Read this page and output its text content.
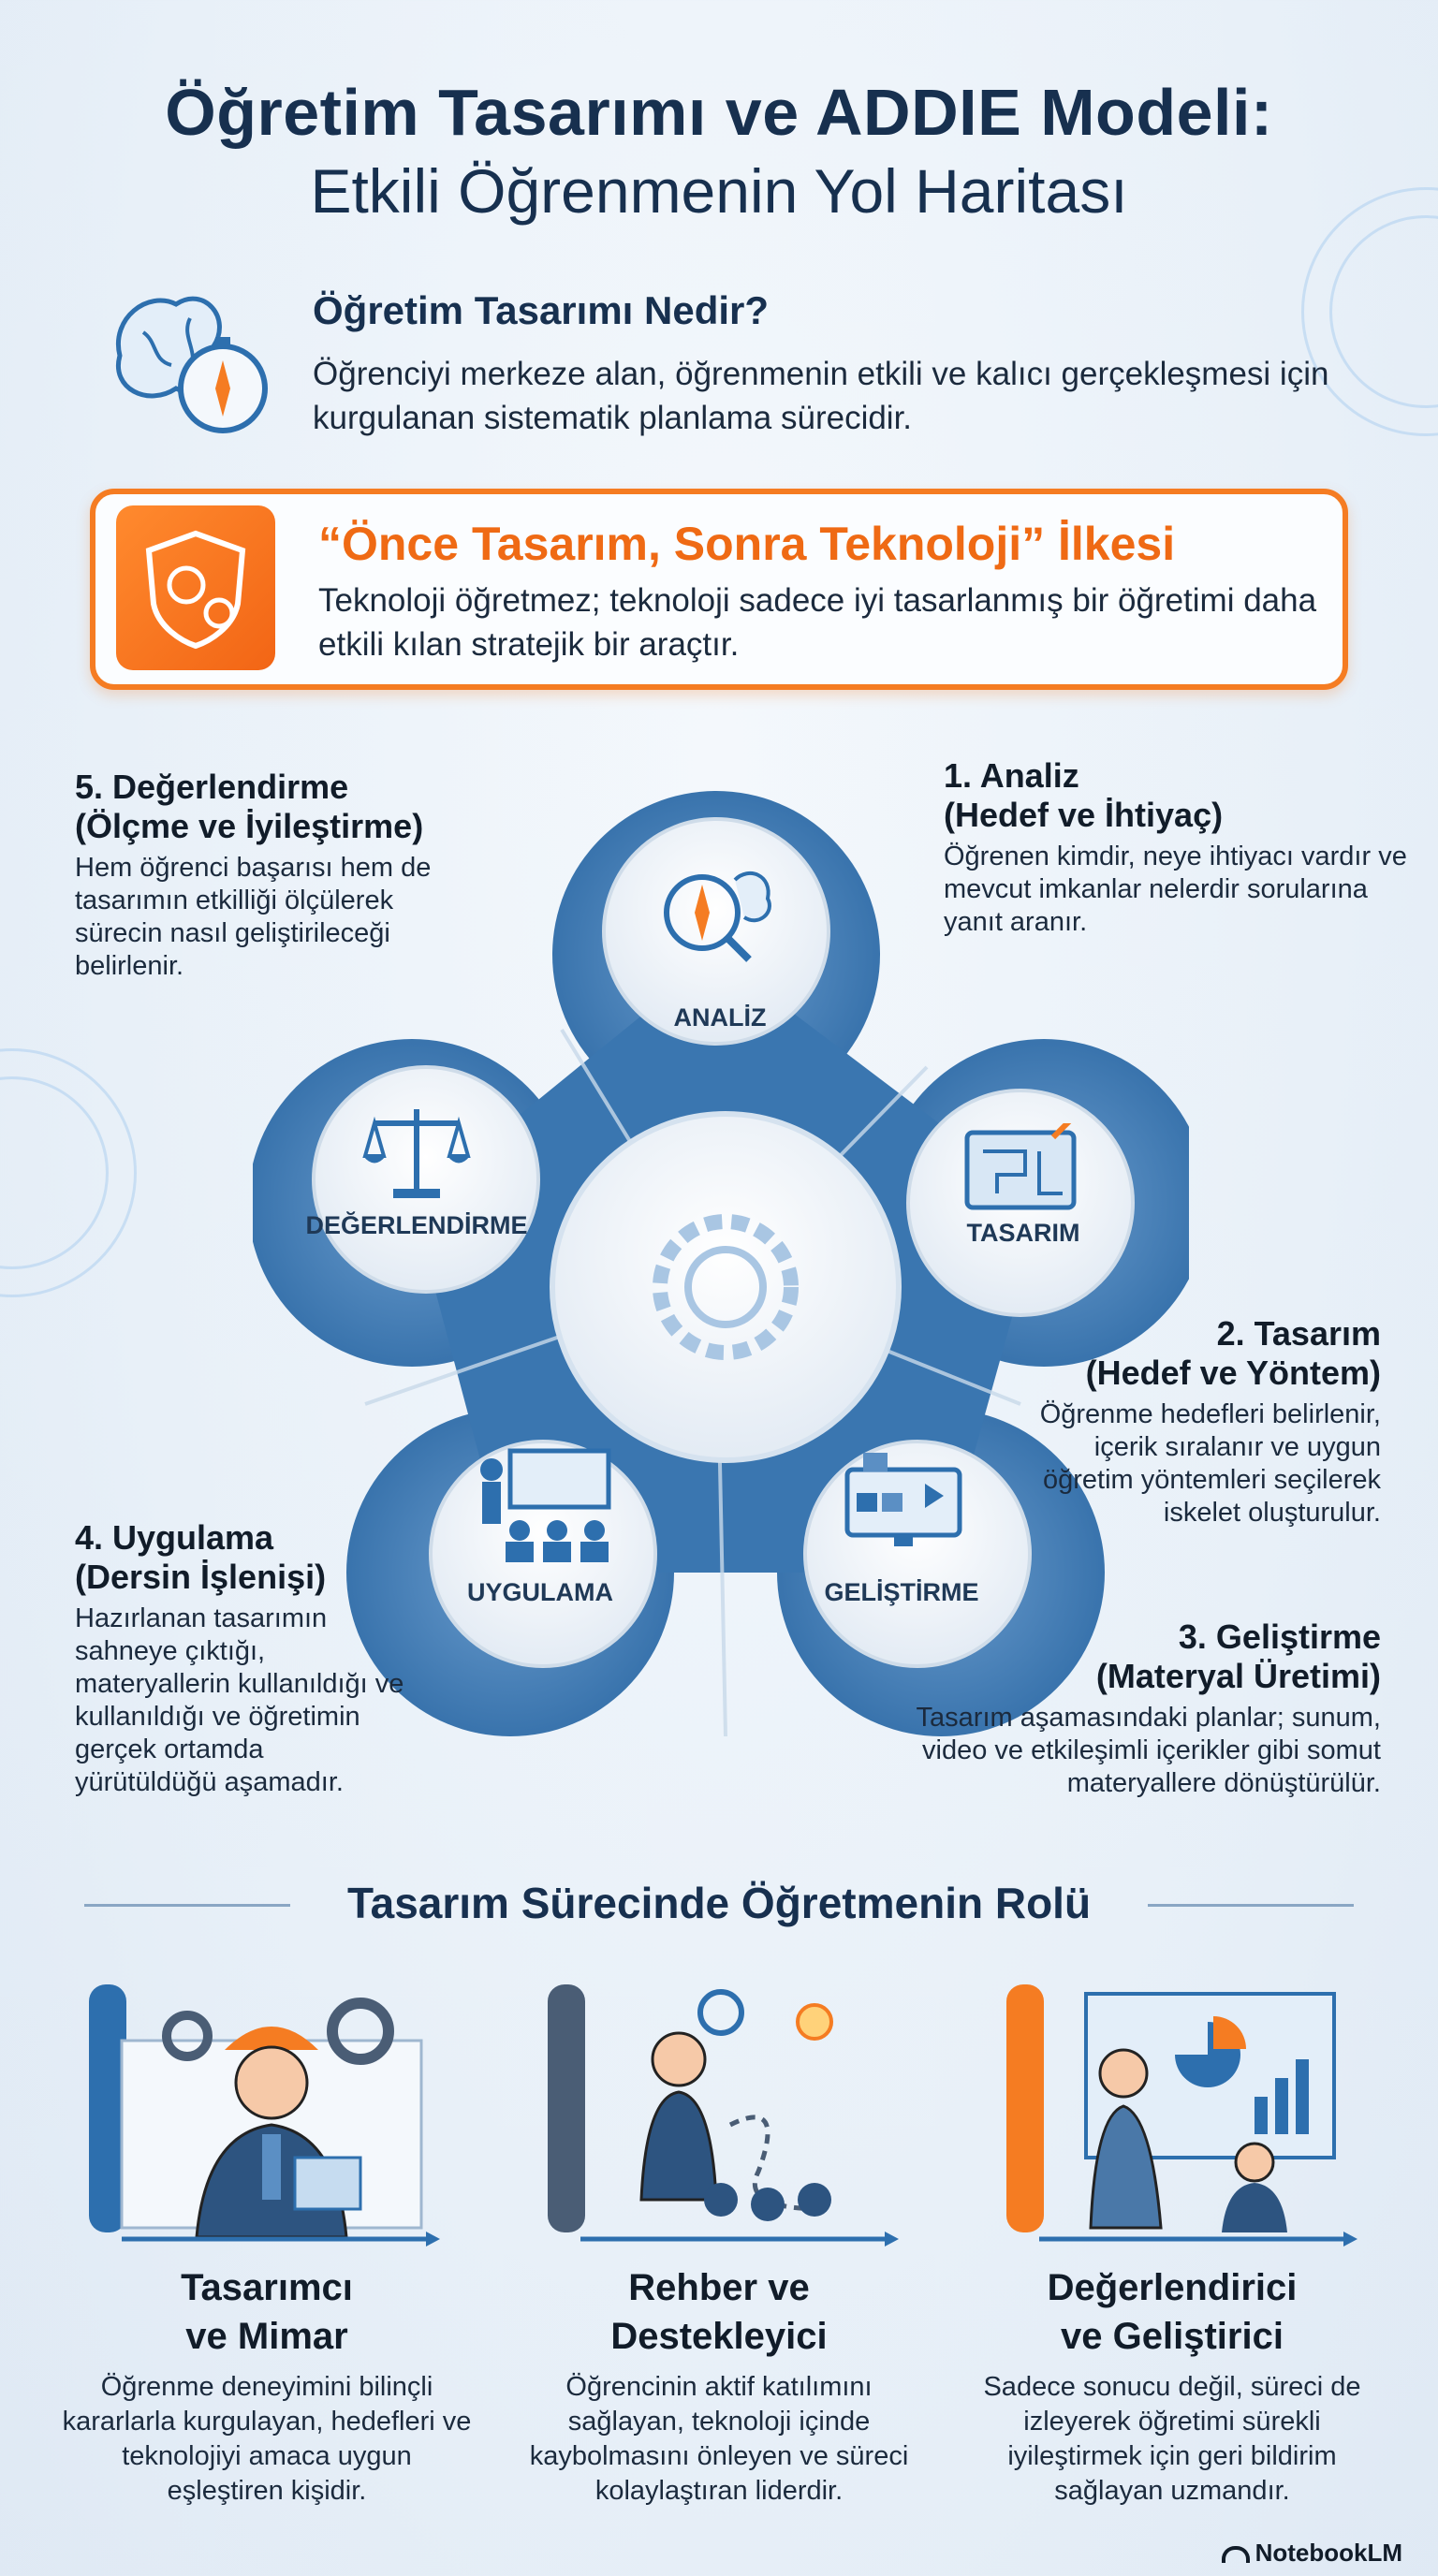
Öğretim Tasarımı ve ADDIE Modeli:
Etkili Öğrenmenin Yol Haritası
Öğretim Tasarımı Nedir?
Öğrenciyi merkeze alan, öğrenmenin etkili ve kalıcı gerçekleşmesi için kurgulanan sistematik planlama sürecidir.
“Önce Tasarım, Sonra Teknoloji” İlkesi
Teknoloji öğretmez; teknoloji sadece iyi tasarlanmış bir öğretimi daha etkili kılan stratejik bir araçtır.
ANALİZ
TASARIM
GELİŞTİRME
UYGULAMA
DEĞERLENDİRME
1. Analiz
(Hedef ve İhtiyaç)
Öğrenen kimdir, neye ihtiyacı vardır ve mevcut imkanlar nelerdir sorularına yanıt aranır.
2. Tasarım
(Hedef ve Yöntem)
Öğrenme hedefleri belirlenir, içerik sıralanır ve uygun öğretim yöntemleri seçilerek iskelet oluşturulur.
3. Geliştirme
(Materyal Üretimi)
Tasarım aşamasındaki planlar; sunum, video ve etkileşimli içerikler gibi somut materyallere dönüştürülür.
4. Uygulama
(Dersin İşlenişi)
Hazırlanan tasarımın sahneye çıktığı, materyallerin kullanıldığı ve kullanıldığı ve öğretimin gerçek ortamda yürütüldüğü aşamadır.
5. Değerlendirme
(Ölçme ve İyileştirme)
Hem öğrenci başarısı hem de tasarımın etkilliği ölçülerek sürecin nasıl geliştirileceği belirlenir.
Tasarım Sürecinde Öğretmenin Rolü
Tasarımcı
ve Mimar
Öğrenme deneyimini bilinçli kararlarla kurgulayan, hedefleri ve teknolojiyi amaca uygun eşleştiren kişidir.
Rehber ve
Destekleyici
Öğrencinin aktif katılımını sağlayan, teknoloji içinde kaybolmasını önleyen ve süreci kolaylaştıran liderdir.
Değerlendirici
ve Geliştirici
Sadece sonucu değil, süreci de izleyerek öğretimi sürekli iyileştirmek için geri bildirim sağlayan uzmandır.
NotebookLM
